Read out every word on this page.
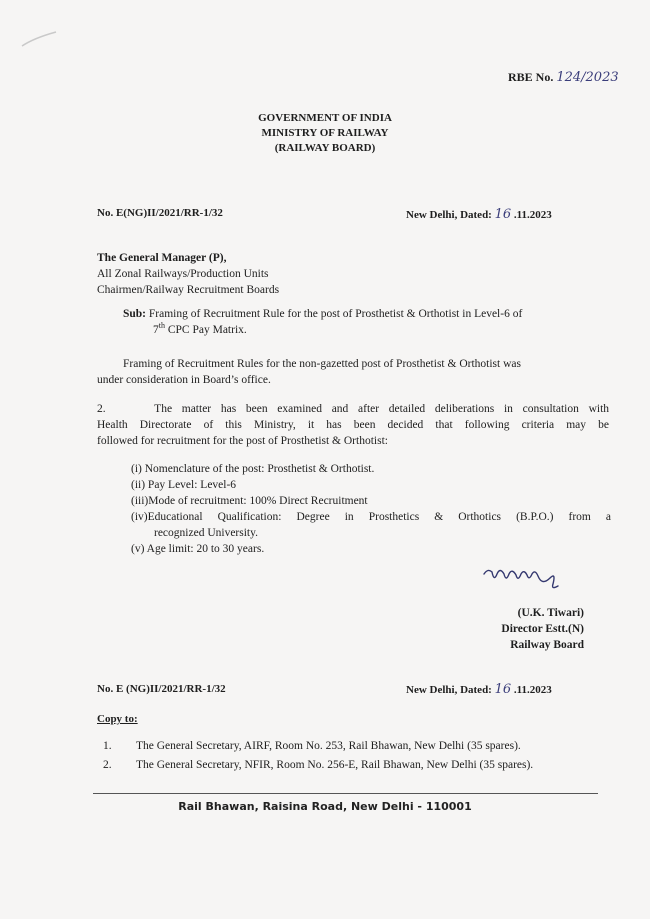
RBE No. 124/2023
GOVERNMENT OF INDIA
MINISTRY OF RAILWAY
(RAILWAY BOARD)
No. E(NG)II/2021/RR-1/32	New Delhi, Dated: 16 .11.2023
The General Manager (P),
All Zonal Railways/Production Units
Chairmen/Railway Recruitment Boards
Sub: Framing of Recruitment Rule for the post of Prosthetist & Orthotist in Level-6 of
7th CPC Pay Matrix.
Framing of Recruitment Rules for the non-gazetted post of Prosthetist & Orthotist was
under consideration in Board’s office.
2.	The matter has been examined and after detailed deliberations in consultation with
Health Directorate of this Ministry, it has been decided that following criteria may be
followed for recruitment for the post of Prosthetist & Orthotist:
(i) Nomenclature of the post: Prosthetist & Orthotist.
(ii) Pay Level: Level-6
(iii)Mode of recruitment: 100% Direct Recruitment
(iv)Educational Qualification: Degree in Prosthetics & Orthotics (B.P.O.) from a
recognized University.
(v) Age limit: 20 to 30 years.
(U.K. Tiwari)
Director Estt.(N)
Railway Board
No. E (NG)II/2021/RR-1/32	New Delhi, Dated: 16 .11.2023
Copy to:
1.	The General Secretary, AIRF, Room No. 253, Rail Bhawan, New Delhi (35 spares).
2.	The General Secretary, NFIR, Room No. 256-E, Rail Bhawan, New Delhi (35 spares).
Rail Bhawan, Raisina Road, New Delhi - 110001
